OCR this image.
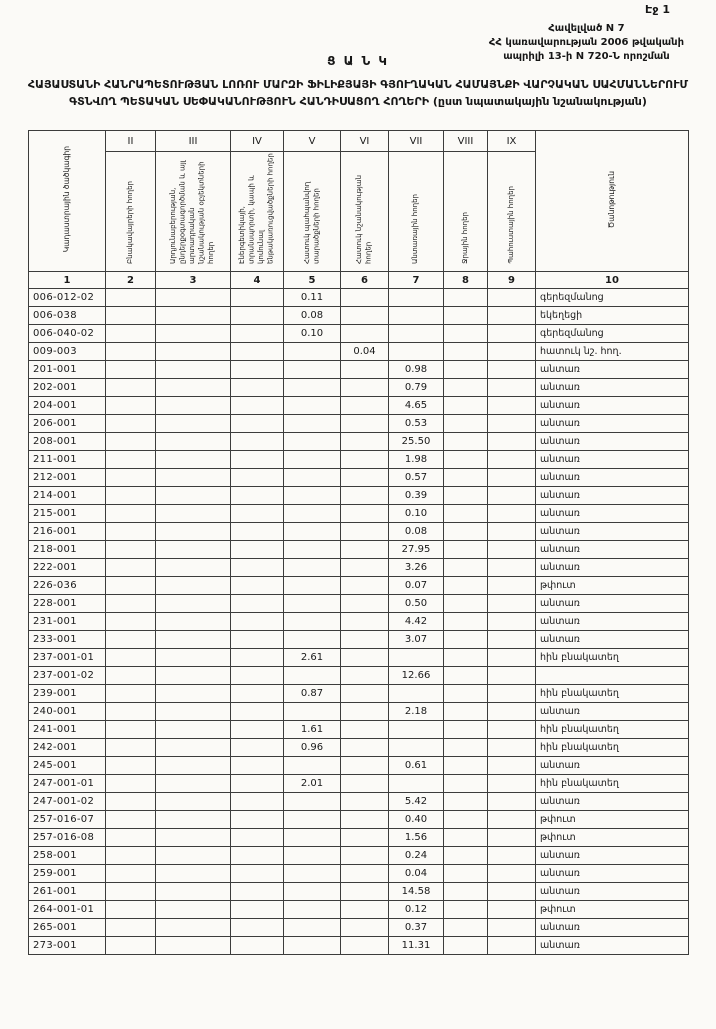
Էջ 1
Հավելված N 7
ՀՀ կառավարության 2006 թվականի
ապրիլի 13-ի N 720-Ն որոշման
Ց Ա Ն Կ
ՀԱՅԱՍՏԱՆԻ ՀԱՆՐԱՊԵՏՈՒԹՅԱՆ ԼՈՌՈՒ ՄԱՐԶԻ ՖԻԼԻՔՅԱՅԻ ԳՅՈՒՂԱԿԱՆ ՀԱՄԱՅՆՔԻ ՎԱՐՉԱԿԱՆ ՍԱՀՄԱՆՆԵՐՈՒՄ ԳՏՆՎՈՂ ՊԵՏԱԿԱՆ ՍԵՓԱԿԱՆՈՒԹՅՈՒՆ ՀԱՆԴԻՍԱՑՈՂ ՀՈՂԵՐԻ (ըստ նպատակային նշանակության)
Կադաստրային ծածկագիր	II	III	IV	V	VI	VII	VIII	IX	Ծանոթություն
	Բնակավայրերի հողեր	Արդյունաբերության, ընդերքօգտագործման և այլ արտադրական նշանակության օբյեկտների հողեր	Էներգետիկայի, տրանսպորտի, կապի և կոմունալ ենթակառուցվածքների հողեր	Հատուկ պահպանվող տարածքների հողեր	Հատուկ նշանակության հողեր	Անտառային հողեր	Ջրային հողեր	Պահուստային հողեր	
1	2	3	4	5	6	7	8	9	10
006-012-02				0.11					գերեզմանոց
006-038				0.08					եկեղեցի
006-040-02				0.10					գերեզմանոց
009-003					0.04				հատուկ նշ. հող.
201-001						0.98			անտառ
202-001						0.79			անտառ
204-001						4.65			անտառ
206-001						0.53			անտառ
208-001						25.50			անտառ
211-001						1.98			անտառ
212-001						0.57			անտառ
214-001						0.39			անտառ
215-001						0.10			անտառ
216-001						0.08			անտառ
218-001						27.95			անտառ
222-001						3.26			անտառ
226-036						0.07			թփուտ
228-001						0.50			անտառ
231-001						4.42			անտառ
233-001						3.07			անտառ
237-001-01				2.61					հին բնակատեղ
237-001-02						12.66			
239-001				0.87					հին բնակատեղ
240-001						2.18			անտառ
241-001				1.61					հին բնակատեղ
242-001				0.96					հին բնակատեղ
245-001						0.61			անտառ
247-001-01				2.01					հին բնակատեղ
247-001-02						5.42			անտառ
257-016-07						0.40			թփուտ
257-016-08						1.56			թփուտ
258-001						0.24			անտառ
259-001						0.04			անտառ
261-001						14.58			անտառ
264-001-01						0.12			թփուտ
265-001						0.37			անտառ
273-001						11.31			անտառ
